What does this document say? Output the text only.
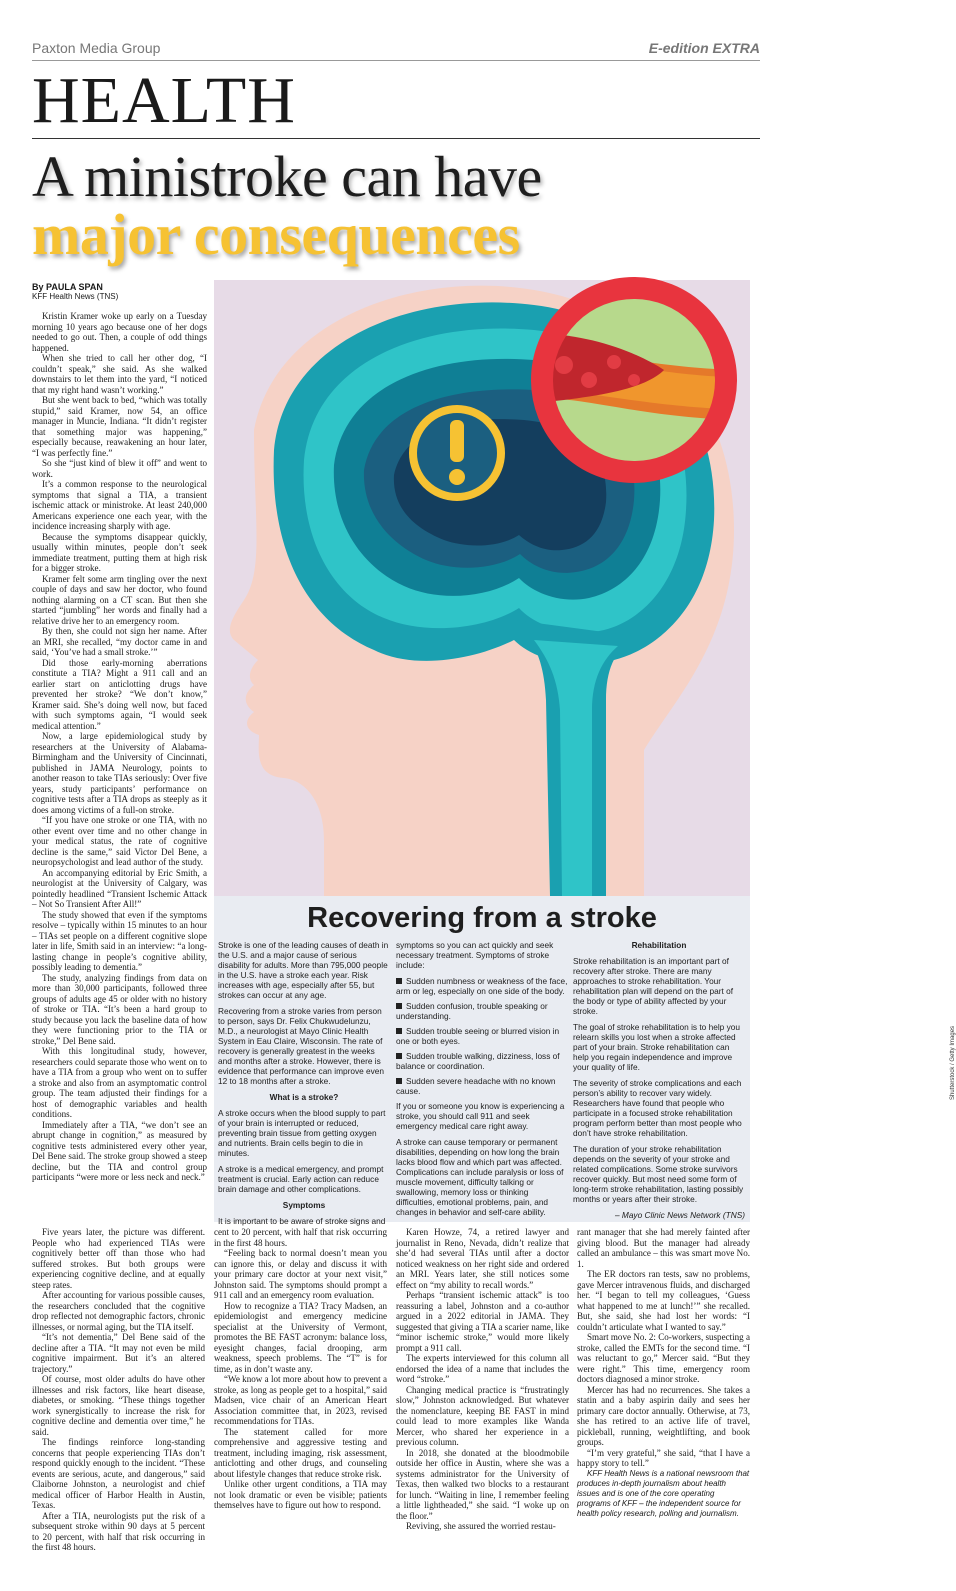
Paxton Media Group	E-edition EXTRA
HEALTH
A ministroke can have
major consequences
By PAULA SPAN
KFF Health News (TNS)

Kristin Kramer woke up early on a Tuesday morning 10 years ago because one of her dogs needed to go out. Then, a couple of odd things happened.

When she tried to call her other dog, “I couldn’t speak,” she said. As she walked downstairs to let them into the yard, “I noticed that my right hand wasn’t working.”

But she went back to bed, “which was totally stupid,” said Kramer, now 54, an office manager in Muncie, Indiana. “It didn’t register that something major was happening,” especially because, reawakening an hour later, “I was perfectly fine.”

So she “just kind of blew it off” and went to work.

It’s a common response to the neurological symptoms that signal a TIA, a transient ischemic attack or ministroke. At least 240,000 Americans experience one each year, with the incidence increasing sharply with age.

Because the symptoms disappear quickly, usually within minutes, people don’t seek immediate treatment, putting them at high risk for a bigger stroke.

Kramer felt some arm tingling over the next couple of days and saw her doctor, who found nothing alarming on a CT scan. But then she started “jumbling” her words and finally had a relative drive her to an emergency room.

By then, she could not sign her name. After an MRI, she recalled, “my doctor came in and said, ‘You’ve had a small stroke.’”

Did those early-morning aberrations constitute a TIA? Might a 911 call and an earlier start on anticlotting drugs have prevented her stroke? “We don’t know,” Kramer said. She’s doing well now, but faced with such symptoms again, “I would seek medical attention.”

Now, a large epidemiological study by researchers at the University of Alabama-Birmingham and the University of Cincinnati, published in JAMA Neurology, points to another reason to take TIAs seriously: Over five years, study participants’ performance on cognitive tests after a TIA drops as steeply as it does among victims of a full-on stroke.

“If you have one stroke or one TIA, with no other event over time and no other change in your medical status, the rate of cognitive decline is the same,” said Victor Del Bene, a neuropsychologist and lead author of the study.

An accompanying editorial by Eric Smith, a neurologist at the University of Calgary, was pointedly headlined “Transient Ischemic Attack – Not So Transient After All!”

The study showed that even if the symptoms resolve – typically within 15 minutes to an hour – TIAs set people on a different cognitive slope later in life, Smith said in an interview: “a long-lasting change in people’s cognitive ability, possibly leading to dementia.”

The study, analyzing findings from data on more than 30,000 participants, followed three groups of adults age 45 or older with no history of stroke or TIA. “It’s been a hard group to study because you lack the baseline data of how they were functioning prior to the TIA or stroke,” Del Bene said.

With this longitudinal study, however, researchers could separate those who went on to have a TIA from a group who went on to suffer a stroke and also from an asymptomatic control group. The team adjusted their findings for a host of demographic variables and health conditions.

Immediately after a TIA, “we don’t see an abrupt change in cognition,” as measured by cognitive tests administered every other year, Del Bene said. The stroke group showed a steep decline, but the TIA and control group participants “were more or less neck and neck.”

Shutterstock / Getty Images
Recovering from a stroke

Stroke is one of the leading causes of death in the U.S. and a major cause of serious disability for adults. More than 795,000 people in the U.S. have a stroke each year. Risk increases with age, especially after 55, but strokes can occur at any age.

Recovering from a stroke varies from person to person, says Dr. Felix Chukwudelunzu, M.D., a neurologist at Mayo Clinic Health System in Eau Claire, Wisconsin. The rate of recovery is generally greatest in the weeks and months after a stroke. However, there is evidence that performance can improve even 12 to 18 months after a stroke.

What is a stroke?

A stroke occurs when the blood supply to part of your brain is interrupted or reduced, preventing brain tissue from getting oxygen and nutrients. Brain cells begin to die in minutes.

A stroke is a medical emergency, and prompt treatment is crucial. Early action can reduce brain damage and other complications.

Symptoms

It is important to be aware of stroke signs and

symptoms so you can act quickly and seek necessary treatment. Symptoms of stroke include:

Sudden numbness or weakness of the face, arm or leg, especially on one side of the body.

Sudden confusion, trouble speaking or understanding.

Sudden trouble seeing or blurred vision in one or both eyes.

Sudden trouble walking, dizziness, loss of balance or coordination.

Sudden severe headache with no known cause.

If you or someone you know is experiencing a stroke, you should call 911 and seek emergency medical care right away.

A stroke can cause temporary or permanent disabilities, depending on how long the brain lacks blood flow and which part was affected. Complications can include paralysis or loss of muscle movement, difficulty talking or swallowing, memory loss or thinking difficulties, emotional problems, pain, and changes in behavior and self-care ability.

Rehabilitation

Stroke rehabilitation is an important part of recovery after stroke. There are many approaches to stroke rehabilitation. Your rehabilitation plan will depend on the part of the body or type of ability affected by your stroke.

The goal of stroke rehabilitation is to help you relearn skills you lost when a stroke affected part of your brain. Stroke rehabilitation can help you regain independence and improve your quality of life.

The severity of stroke complications and each person’s ability to recover vary widely. Researchers have found that people who participate in a focused stroke rehabilitation program perform better than most people who don’t have stroke rehabilitation.

The duration of your stroke rehabilitation depends on the severity of your stroke and related complications. Some stroke survivors recover quickly. But most need some form of long-term stroke rehabilitation, lasting possibly months or years after their stroke.

– Mayo Clinic News Network (TNS)

Five years later, the picture was different. People who had experienced TIAs were cognitively better off than those who had suffered strokes. But both groups were experiencing cognitive decline, and at equally steep rates.

After accounting for various possible causes, the researchers concluded that the cognitive drop reflected not demographic factors, chronic illnesses, or normal aging, but the TIA itself.

“It’s not dementia,” Del Bene said of the decline after a TIA. “It may not even be mild cognitive impairment. But it’s an altered trajectory.”

Of course, most older adults do have other illnesses and risk factors, like heart disease, diabetes, or smoking. “These things together work synergistically to increase the risk for cognitive decline and dementia over time,” he said.

The findings reinforce long-standing concerns that people experiencing TIAs don’t respond quickly enough to the incident. “These events are serious, acute, and dangerous,” said Claiborne Johnston, a neurologist and chief medical officer of Harbor Health in Austin, Texas.

After a TIA, neurologists put the risk of a subsequent stroke within 90 days at 5 percent to 20 percent, with half that risk occurring in the first 48 hours.

cent to 20 percent, with half that risk occurring in the first 48 hours.

“Feeling back to normal doesn’t mean you can ignore this, or delay and discuss it with your primary care doctor at your next visit,” Johnston said. The symptoms should prompt a 911 call and an emergency room evaluation.

How to recognize a TIA? Tracy Madsen, an epidemiologist and emergency medicine specialist at the University of Vermont, promotes the BE FAST acronym: balance loss, eyesight changes, facial drooping, arm weakness, speech problems. The “T” is for time, as in don’t waste any.

“We know a lot more about how to prevent a stroke, as long as people get to a hospital,” said Madsen, vice chair of an American Heart Association committee that, in 2023, revised recommendations for TIAs.

The statement called for more comprehensive and aggressive testing and treatment, including imaging, risk assessment, anticlotting and other drugs, and counseling about lifestyle changes that reduce stroke risk.

Unlike other urgent conditions, a TIA may not look dramatic or even be visible; patients themselves have to figure out how to respond.

Karen Howze, 74, a retired lawyer and journalist in Reno, Nevada, didn’t realize that she’d had several TIAs until after a doctor noticed weakness on her right side and ordered an MRI. Years later, she still notices some effect on “my ability to recall words.”

Perhaps “transient ischemic attack” is too reassuring a label, Johnston and a co-author argued in a 2022 editorial in JAMA. They suggested that giving a TIA a scarier name, like “minor ischemic stroke,” would more likely prompt a 911 call.

The experts interviewed for this column all endorsed the idea of a name that includes the word “stroke.”

Changing medical practice is “frustratingly slow,” Johnston acknowledged. But whatever the nomenclature, keeping BE FAST in mind could lead to more examples like Wanda Mercer, who shared her experience in a previous column.

In 2018, she donated at the bloodmobile outside her office in Austin, where she was a systems administrator for the University of Texas, then walked two blocks to a restaurant for lunch. “Waiting in line, I remember feeling a little lightheaded,” she said. “I woke up on the floor.”

Reviving, she assured the worried restau-

rant manager that she had merely fainted after giving blood. But the manager had already called an ambulance – this was smart move No. 1.

The ER doctors ran tests, saw no problems, gave Mercer intravenous fluids, and discharged her. “I began to tell my colleagues, ‘Guess what happened to me at lunch!’” she recalled. But, she said, she had lost her words: “I couldn’t articulate what I wanted to say.”

Smart move No. 2: Co-workers, suspecting a stroke, called the EMTs for the second time. “I was reluctant to go,” Mercer said. “But they were right.” This time, emergency room doctors diagnosed a minor stroke.

Mercer has had no recurrences. She takes a statin and a baby aspirin daily and sees her primary care doctor annually. Otherwise, at 73, she has retired to an active life of travel, pickleball, running, weightlifting, and book groups.

“I’m very grateful,” she said, “that I have a happy story to tell.”

KFF Health News is a national newsroom that produces in-depth journalism about health issues and is one of the core operating programs of KFF – the independent source for health policy research, polling and journalism.
